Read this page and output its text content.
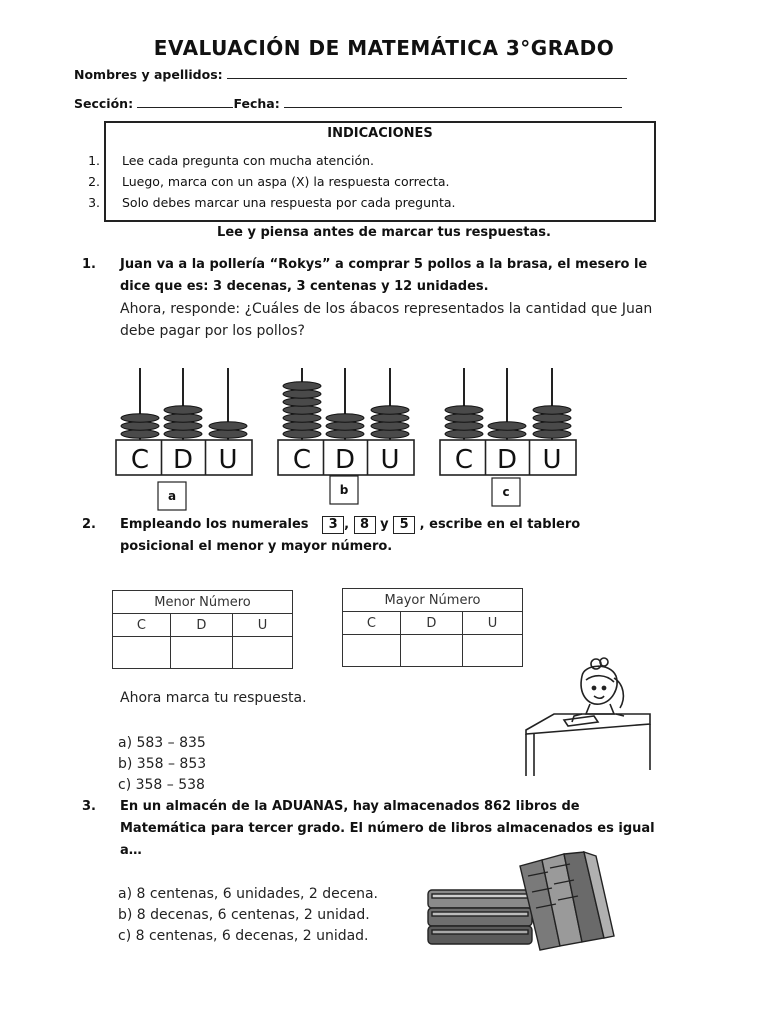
EVALUACIÓN DE MATEMÁTICA 3°GRADO
Nombres y apellidos:
Sección:	Fecha:
INDICACIONES
1. Lee cada pregunta con mucha atención.
2. Luego, marca con un aspa (X) la respuesta correcta.
3. Solo debes marcar una respuesta por cada pregunta.
Lee y piensa antes de marcar tus respuestas.
1. Juan va a la pollería “Rokys” a comprar 5 pollos a la brasa, el mesero le
dice que es: 3 decenas, 3 centenas y 12 unidades.
Ahora, responde: ¿Cuáles de los ábacos representados la cantidad que Juan
debe pagar por los pollos?
C D U
a
C D U
b
C D U
c
2. Empleando los numerales 3 , 8 y 5 , escribe en el tablero
posicional el menor y mayor número.
Menor Número		
C	D	U

Mayor Número		
C	D	U

Ahora marca tu respuesta.
a) 583 – 835
b) 358 – 853
c) 358 – 538
3. En un almacén de la ADUANAS, hay almacenados 862 libros de
Matemática para tercer grado. El número de libros almacenados es igual
a…
a) 8 centenas, 6 unidades, 2 decena.
b) 8 decenas, 6 centenas, 2 unidad.
c) 8 centenas, 6 decenas, 2 unidad.
